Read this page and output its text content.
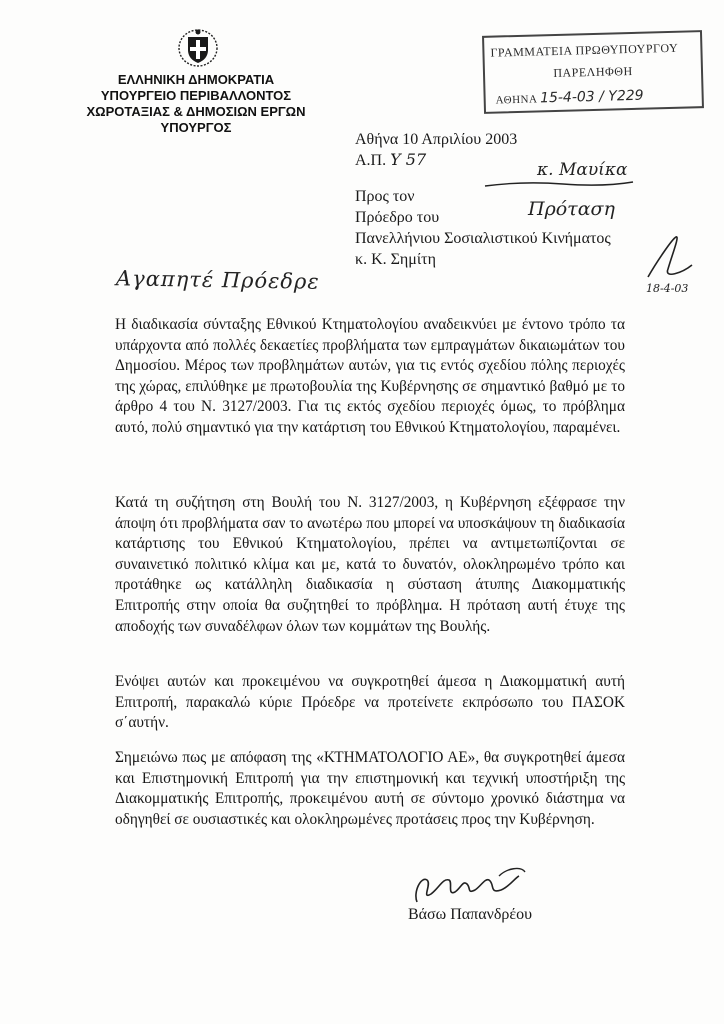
ΕΛΛΗΝΙΚΗ ΔΗΜΟΚΡΑΤΙΑ
ΥΠΟΥΡΓΕΙΟ ΠΕΡΙΒΑΛΛΟΝΤΟΣ
ΧΩΡΟΤΑΞΙΑΣ & ΔΗΜΟΣΙΩΝ ΕΡΓΩΝ
ΥΠΟΥΡΓΟΣ
ΓΡΑΜΜΑΤΕΙΑ ΠΡΩΘΥΠΟΥΡΓΟΥ
ΠΑΡΕΛΗΦΘΗ
ΑΘΗΝΑ 15-4-03 / Y229
Αθήνα 10 Απριλίου 2003
Α.Π. Y 57
Προς τον
Πρόεδρο του
Πανελλήνιου Σοσιαλιστικού Κινήματος
κ. Κ. Σημίτη
κ. Μαυίκα
Πρόταση
18-4-03
Αγαπητέ Πρόεδρε
Η διαδικασία σύνταξης Εθνικού Κτηματολογίου αναδεικνύει με έντονο τρόπο τα υπάρχοντα από πολλές δεκαετίες προβλήματα των εμπραγμάτων δικαιωμάτων του Δημοσίου. Μέρος των προβλημάτων αυτών, για τις εντός σχεδίου πόλης περιοχές της χώρας, επιλύθηκε με πρωτοβουλία της Κυβέρνησης σε σημαντικό βαθμό με το άρθρο 4 του Ν. 3127/2003. Για τις εκτός σχεδίου περιοχές όμως, το πρόβλημα αυτό, πολύ σημαντικό για την κατάρτιση του Εθνικού Κτηματολογίου, παραμένει.
Κατά τη συζήτηση στη Βουλή του Ν. 3127/2003, η Κυβέρνηση εξέφρασε την άποψη ότι προβλήματα σαν το ανωτέρω που μπορεί να υποσκάψουν τη διαδικασία κατάρτισης του Εθνικού Κτηματολογίου, πρέπει να αντιμετωπίζονται σε συναινετικό πολιτικό κλίμα και με, κατά το δυνατόν, ολοκληρωμένο τρόπο και προτάθηκε ως κατάλληλη διαδικασία η σύσταση άτυπης Διακομματικής Επιτροπής στην οποία θα συζητηθεί το πρόβλημα. Η πρόταση αυτή έτυχε της αποδοχής των συναδέλφων όλων των κομμάτων της Βουλής.
Ενόψει αυτών και προκειμένου να συγκροτηθεί άμεσα η Διακομματική αυτή Επιτροπή, παρακαλώ κύριε Πρόεδρε να προτείνετε εκπρόσωπο του ΠΑΣΟΚ σ΄αυτήν.
Σημειώνω πως με απόφαση της «ΚΤΗΜΑΤΟΛΟΓΙΟ ΑΕ», θα συγκροτηθεί άμεσα και Επιστημονική Επιτροπή για την επιστημονική και τεχνική υποστήριξη της Διακομματικής Επιτροπής, προκειμένου αυτή σε σύντομο χρονικό διάστημα να οδηγηθεί σε ουσιαστικές και ολοκληρωμένες προτάσεις προς την Κυβέρνηση.
Βάσω Παπανδρέου
